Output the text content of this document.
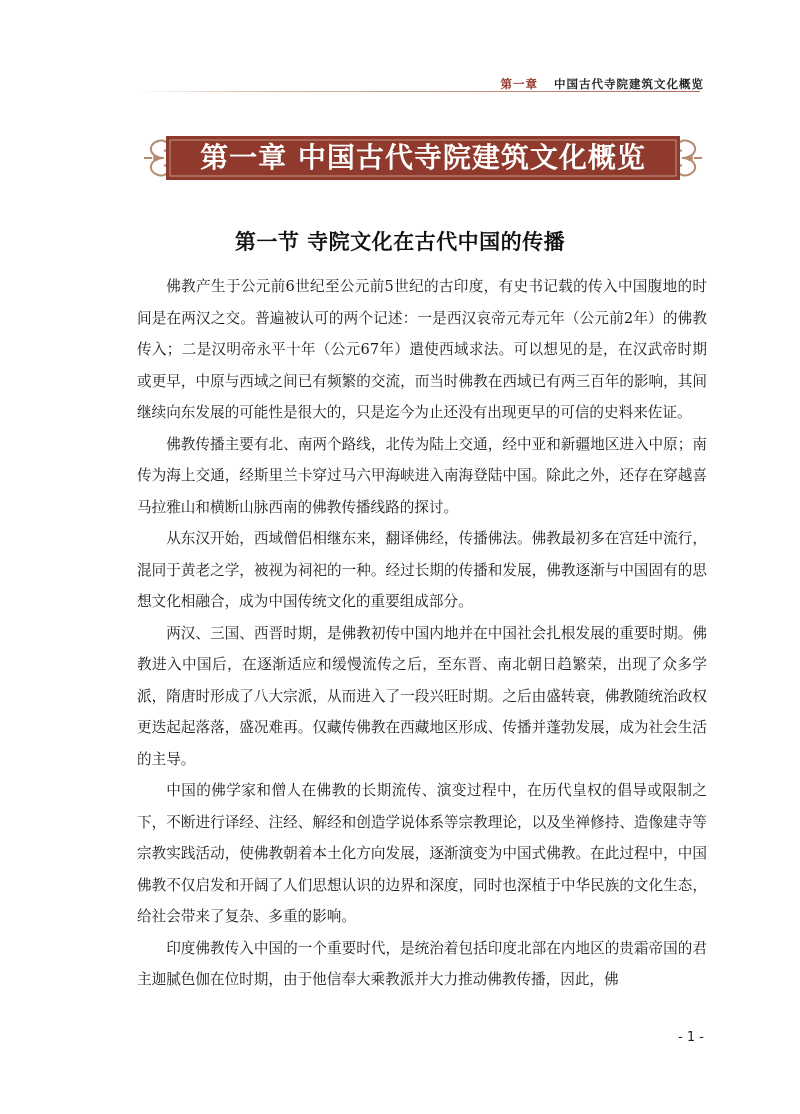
第一章 中国古代寺院建筑文化概览
第一章 中国古代寺院建筑文化概览
第一节 寺院文化在古代中国的传播

佛教产生于公元前6世纪至公元前5世纪的古印度，有史书记载的传入中国腹地的时间是在两汉之交。普遍被认可的两个记述：一是西汉哀帝元寿元年（公元前2年）的佛教传入；二是汉明帝永平十年（公元67年）遣使西域求法。可以想见的是，在汉武帝时期或更早，中原与西域之间已有频繁的交流，而当时佛教在西域已有两三百年的影响，其间继续向东发展的可能性是很大的，只是迄今为止还没有出现更早的可信的史料来佐证。

佛教传播主要有北、南两个路线，北传为陆上交通，经中亚和新疆地区进入中原；南传为海上交通，经斯里兰卡穿过马六甲海峡进入南海登陆中国。除此之外，还存在穿越喜马拉雅山和横断山脉西南的佛教传播线路的探讨。

从东汉开始，西域僧侣相继东来，翻译佛经，传播佛法。佛教最初多在宫廷中流行，混同于黄老之学，被视为祠祀的一种。经过长期的传播和发展，佛教逐渐与中国固有的思想文化相融合，成为中国传统文化的重要组成部分。

两汉、三国、西晋时期，是佛教初传中国内地并在中国社会扎根发展的重要时期。佛教进入中国后，在逐渐适应和缓慢流传之后，至东晋、南北朝日趋繁荣，出现了众多学派，隋唐时形成了八大宗派，从而进入了一段兴旺时期。之后由盛转衰，佛教随统治政权更迭起起落落，盛况难再。仅藏传佛教在西藏地区形成、传播并蓬勃发展，成为社会生活的主导。

中国的佛学家和僧人在佛教的长期流传、演变过程中，在历代皇权的倡导或限制之下，不断进行译经、注经、解经和创造学说体系等宗教理论，以及坐禅修持、造像建寺等宗教实践活动，使佛教朝着本土化方向发展，逐渐演变为中国式佛教。在此过程中，中国佛教不仅启发和开阔了人们思想认识的边界和深度，同时也深植于中华民族的文化生态，给社会带来了复杂、多重的影响。

印度佛教传入中国的一个重要时代，是统治着包括印度北部在内地区的贵霜帝国的君主迦腻色伽在位时期，由于他信奉大乘教派并大力推动佛教传播，因此，佛

- 1 -
